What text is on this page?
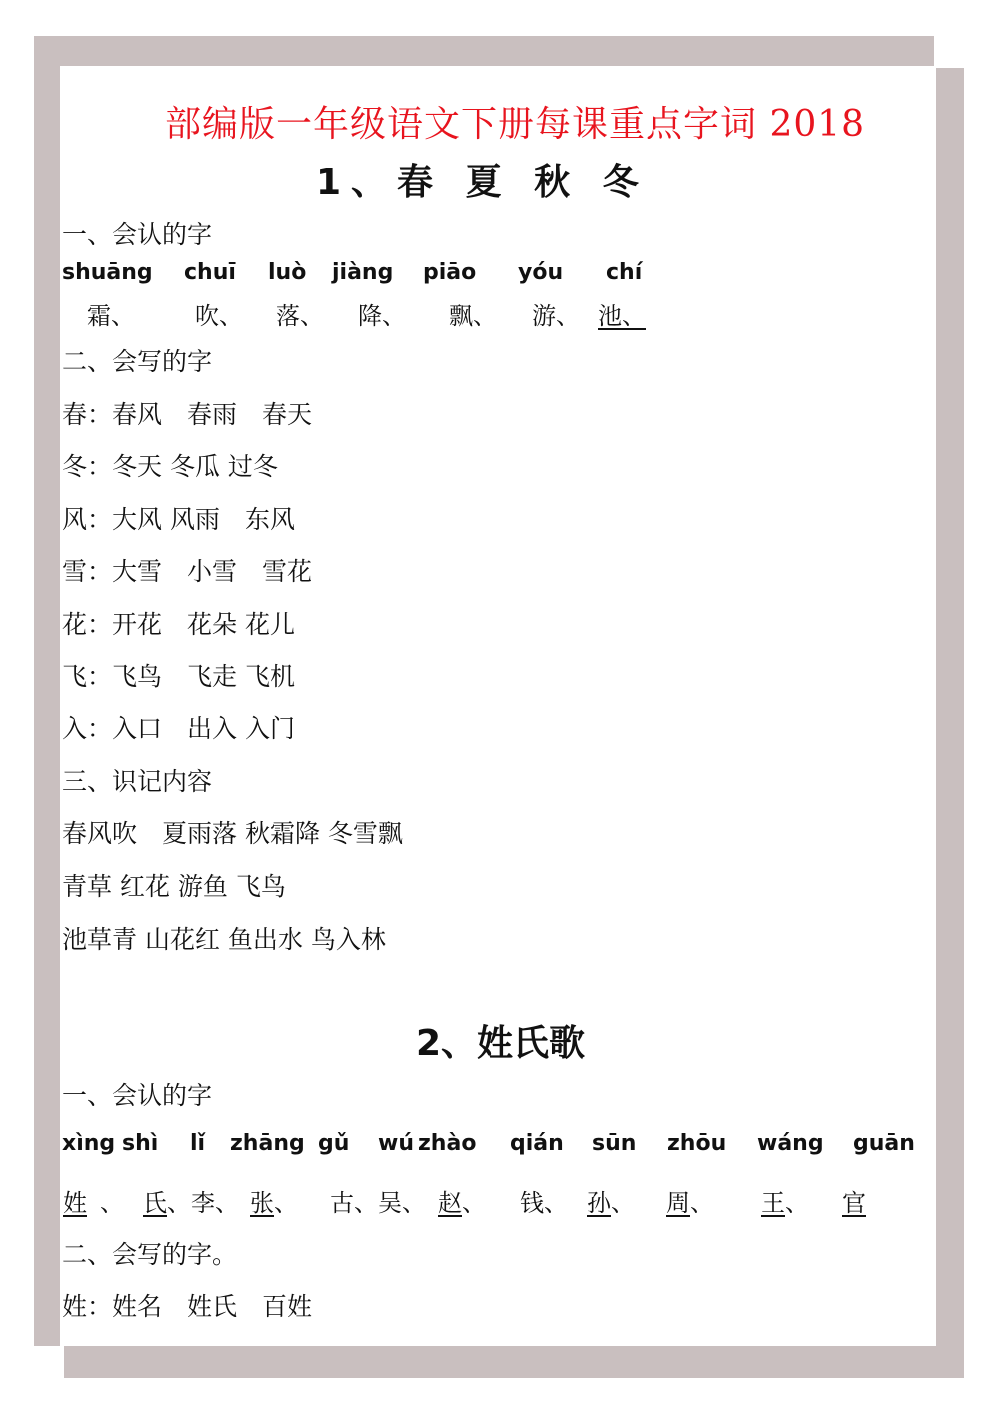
部编版一年级语文下册每课重点字词 2018
1、春 夏 秋 冬
一、会认的字
shuāng chuī luò jiàng piāo yóu chí
霜、	吹、 落、 降、 飘、 游、 池、
二、会写的字
春：春风　春雨　春天
冬：冬天 冬瓜 过冬
风：大风 风雨　东风
雪：大雪　小雪　雪花
花：开花　花朵 花儿
飞：飞鸟　飞走 飞机
入：入口　出入 入门
三、识记内容
春风吹　夏雨落 秋霜降 冬雪飘
青草 红花 游鱼 飞鸟
池草青 山花红 鱼出水 鸟入林
2、姓氏歌
一、会认的字
xìng shì lǐ zhāng gǔ wú zhào qián sūn zhōu wáng guān
姓 、 氏 、李、 张 、 古、吴、 赵 、 钱、 孙 、 周 、 王 、 官
二、会写的字。
姓：姓名　姓氏　百姓
